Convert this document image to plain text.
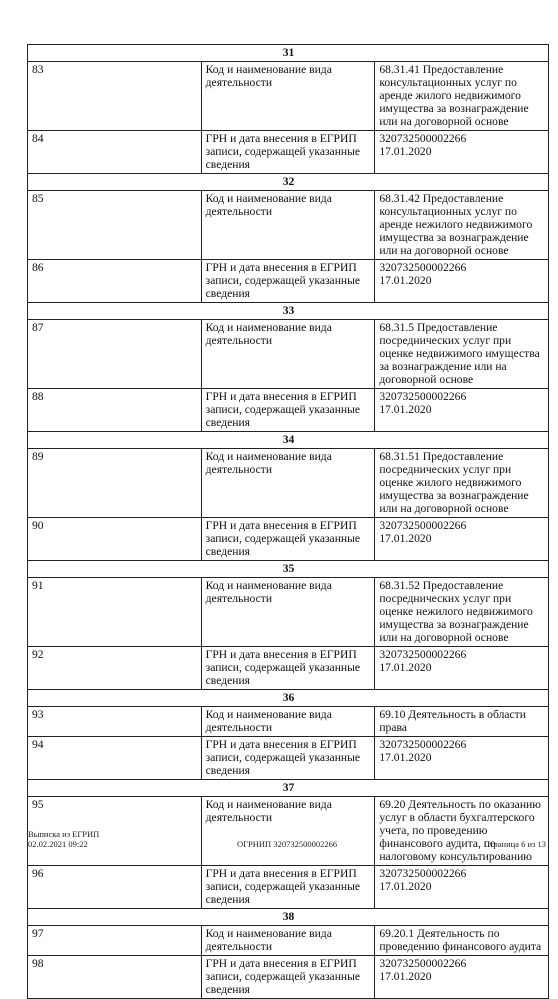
31		
83	Код и наименование вида деятельности	68.31.41 Предоставление консультационных услуг по аренде жилого недвижимого имущества за вознаграждение или на договорной основе
84	ГРН и дата внесения в ЕГРИП записи, содержащей указанные сведения	320732500002266
17.01.2020
32		
85	Код и наименование вида деятельности	68.31.42 Предоставление консультационных услуг по аренде нежилого недвижимого имущества за вознаграждение или на договорной основе
86	ГРН и дата внесения в ЕГРИП записи, содержащей указанные сведения	320732500002266
17.01.2020
33		
87	Код и наименование вида деятельности	68.31.5 Предоставление посреднических услуг при оценке недвижимого имущества за вознаграждение или на договорной основе
88	ГРН и дата внесения в ЕГРИП записи, содержащей указанные сведения	320732500002266
17.01.2020
34		
89	Код и наименование вида деятельности	68.31.51 Предоставление посреднических услуг при оценке жилого недвижимого имущества за вознаграждение или на договорной основе
90	ГРН и дата внесения в ЕГРИП записи, содержащей указанные сведения	320732500002266
17.01.2020
35		
91	Код и наименование вида деятельности	68.31.52 Предоставление посреднических услуг при оценке нежилого недвижимого имущества за вознаграждение или на договорной основе
92	ГРН и дата внесения в ЕГРИП записи, содержащей указанные сведения	320732500002266
17.01.2020
36		
93	Код и наименование вида деятельности	69.10 Деятельность в области права
94	ГРН и дата внесения в ЕГРИП записи, содержащей указанные сведения	320732500002266
17.01.2020
37		
95	Код и наименование вида деятельности	69.20 Деятельность по оказанию услуг в области бухгалтерского учета, по проведению финансового аудита, по налоговому консультированию
96	ГРН и дата внесения в ЕГРИП записи, содержащей указанные сведения	320732500002266
17.01.2020
38		
97	Код и наименование вида деятельности	69.20.1 Деятельность по проведению финансового аудита
98	ГРН и дата внесения в ЕГРИП записи, содержащей указанные сведения	320732500002266
17.01.2020
Выписка из ЕГРИП
02.02.2021 09:22	ОГРНИП 320732500002266	Страница 6 из 13
